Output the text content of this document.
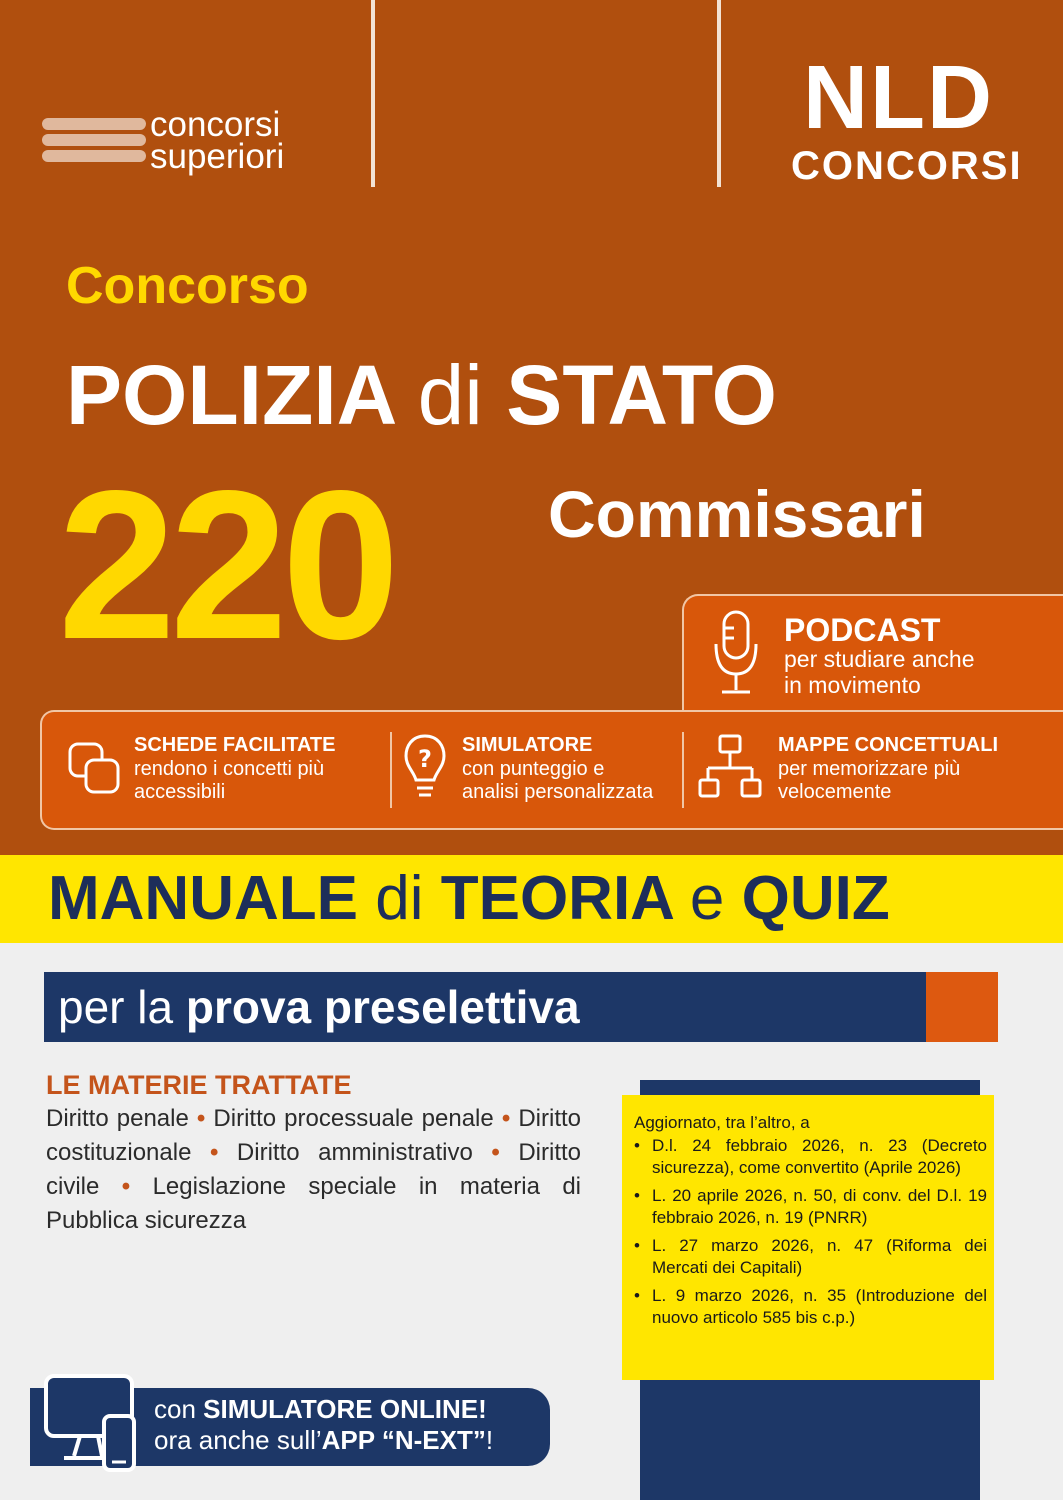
concorsi
superiori
NLD
CONCORSI
Concorso
POLIZIA di STATO
220 Commissari
PODCAST
per studiare anche
in movimento
SCHEDE FACILITATE
rendono i concetti più
accessibili
? SIMULATORE
con punteggio e
analisi personalizzata
MAPPE CONCETTUALI
per memorizzare più
velocemente
MANUALE di TEORIA e QUIZ
per la prova preselettiva
LE MATERIE TRATTATE
Diritto penale • Diritto processuale penale • Diritto costituzionale • Diritto amministrativo • Diritto civile • Legislazione speciale in materia di Pubblica sicurezza
Aggiornato, tra l’altro, a
• D.l. 24 febbraio 2026, n. 23 (Decreto sicurezza), come convertito (Aprile 2026)
• L. 20 aprile 2026, n. 50, di conv. del D.l. 19 febbraio 2026, n. 19 (PNRR)
• L. 27 marzo 2026, n. 47 (Riforma dei Mercati dei Capitali)
• L. 9 marzo 2026, n. 35 (Introduzione del nuovo articolo 585 bis c.p.)
con SIMULATORE ONLINE!
ora anche sull’APP “N-EXT”!
